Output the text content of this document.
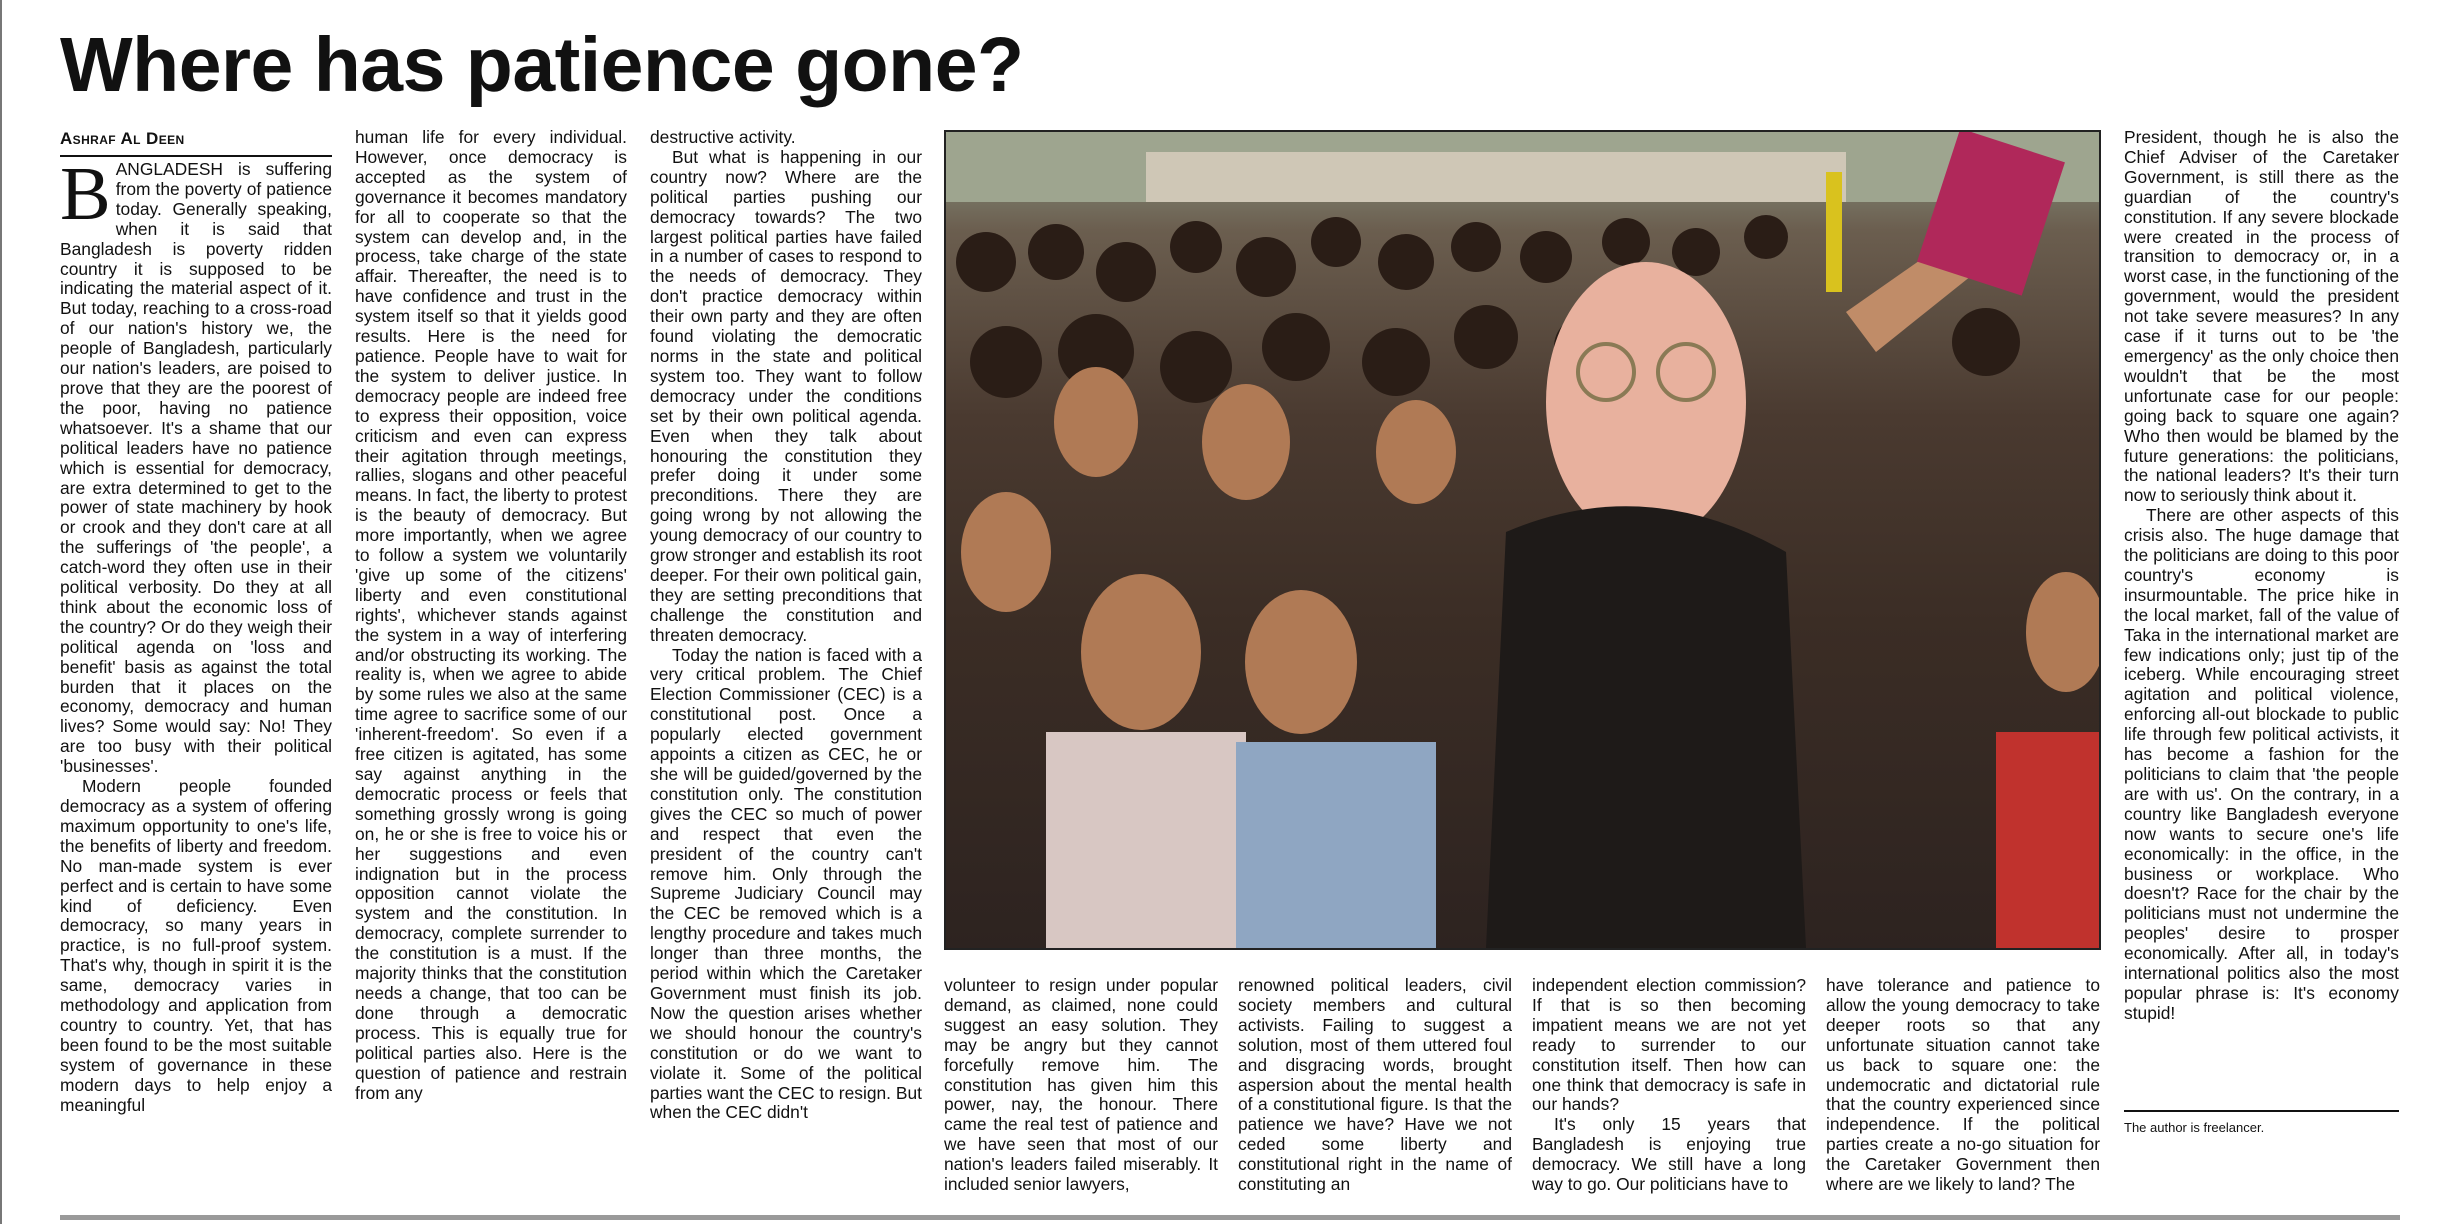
Where has patience gone?
Ashraf Al Deen

BANGLADESH is suffering from the poverty of patience today. Generally speaking, when it is said that Bangladesh is poverty ridden country it is supposed to be indicating the material aspect of it. But today, reaching to a cross-road of our nation's history we, the people of Bangladesh, particularly our nation's leaders, are poised to prove that they are the poorest of the poor, having no patience whatsoever. It's a shame that our political leaders have no patience which is essential for democracy, are extra determined to get to the power of state machinery by hook or crook and they don't care at all the sufferings of 'the people', a catch-word they often use in their political verbosity. Do they at all think about the economic loss of the country? Or do they weigh their political agenda on 'loss and benefit' basis as against the total burden that it places on the economy, democracy and human lives? Some would say: No! They are too busy with their political 'businesses'.

Modern people founded democracy as a system of offering maximum opportunity to one's life, the benefits of liberty and freedom. No man-made system is ever perfect and is certain to have some kind of deficiency. Even democracy, so many years in practice, is no full-proof system. That's why, though in spirit it is the same, democracy varies in methodology and application from country to country. Yet, that has been found to be the most suitable system of governance in these modern days to help enjoy a meaningful

human life for every individual. However, once democracy is accepted as the system of governance it becomes mandatory for all to cooperate so that the system can develop and, in the process, take charge of the state affair. Thereafter, the need is to have confidence and trust in the system itself so that it yields good results. Here is the need for patience. People have to wait for the system to deliver justice. In democracy people are indeed free to express their opposition, voice criticism and even can express their agitation through meetings, rallies, slogans and other peaceful means. In fact, the liberty to protest is the beauty of democracy. But more importantly, when we agree to follow a system we voluntarily 'give up some of the citizens' liberty and even constitutional rights', whichever stands against the system in a way of interfering and/or obstructing its working. The reality is, when we agree to abide by some rules we also at the same time agree to sacrifice some of our 'inherent-freedom'. So even if a free citizen is agitated, has some say against anything in the democratic process or feels that something grossly wrong is going on, he or she is free to voice his or her suggestions and even indignation but in the process opposition cannot violate the system and the constitution. In democracy, complete surrender to the constitution is a must. If the majority thinks that the constitution needs a change, that too can be done through a democratic process. This is equally true for political parties also. Here is the question of patience and restrain from any

destructive activity.

But what is happening in our country now? Where are the political parties pushing our democracy towards? The two largest political parties have failed in a number of cases to respond to the needs of democracy. They don't practice democracy within their own party and they are often found violating the democratic norms in the state and political system too. They want to follow democracy under the conditions set by their own political agenda. Even when they talk about honouring the constitution they prefer doing it under some preconditions. There they are going wrong by not allowing the young democracy of our country to grow stronger and establish its root deeper. For their own political gain, they are setting preconditions that challenge the constitution and threaten democracy.

Today the nation is faced with a very critical problem. The Chief Election Commissioner (CEC) is a constitutional post. Once a popularly elected government appoints a citizen as CEC, he or she will be guided/governed by the constitution only. The constitution gives the CEC so much of power and respect that even the president of the country can't remove him. Only through the Supreme Judiciary Council may the CEC be removed which is a lengthy procedure and takes much longer than three months, the period within which the Caretaker Government must finish its job. Now the question arises whether we should honour the country's constitution or do we want to violate it. Some of the political parties want the CEC to resign. But when the CEC didn't

volunteer to resign under popular demand, as claimed, none could suggest an easy solution. They may be angry but they cannot forcefully remove him. The constitution has given him this power, nay, the honour. There came the real test of patience and we have seen that most of our nation's leaders failed miserably. It included senior lawyers,

renowned political leaders, civil society members and cultural activists. Failing to suggest a solution, most of them uttered foul and disgracing words, brought aspersion about the mental health of a constitutional figure. Is that the patience we have? Have we not ceded some liberty and constitutional right in the name of constituting an

independent election commission? If that is so then becoming impatient means we are not yet ready to surrender to our constitution itself. Then how can one think that democracy is safe in our hands?

It's only 15 years that Bangladesh is enjoying true democracy. We still have a long way to go. Our politicians have to

have tolerance and patience to allow the young democracy to take deeper roots so that any unfortunate situation cannot take us back to square one: the undemocratic and dictatorial rule that the country experienced since independence. If the political parties create a no-go situation for the Caretaker Government then where are we likely to land? The

President, though he is also the Chief Adviser of the Caretaker Government, is still there as the guardian of the country's constitution. If any severe blockade were created in the process of transition to democracy or, in a worst case, in the functioning of the government, would the president not take severe measures? In any case if it turns out to be 'the emergency' as the only choice then wouldn't that be the most unfortunate case for our people: going back to square one again? Who then would be blamed by the future generations: the politicians, the national leaders? It's their turn now to seriously think about it.

There are other aspects of this crisis also. The huge damage that the politicians are doing to this poor country's economy is insurmountable. The price hike in the local market, fall of the value of Taka in the international market are few indications only; just tip of the iceberg. While encouraging street agitation and political violence, enforcing all-out blockade to public life through few political activists, it has become a fashion for the politicians to claim that 'the people are with us'. On the contrary, in a country like Bangladesh everyone now wants to secure one's life economically: in the office, in the business or workplace. Who doesn't? Race for the chair by the politicians must not undermine the peoples' desire to prosper economically. After all, in today's international politics also the most popular phrase is: It's economy stupid!

The author is freelancer.
